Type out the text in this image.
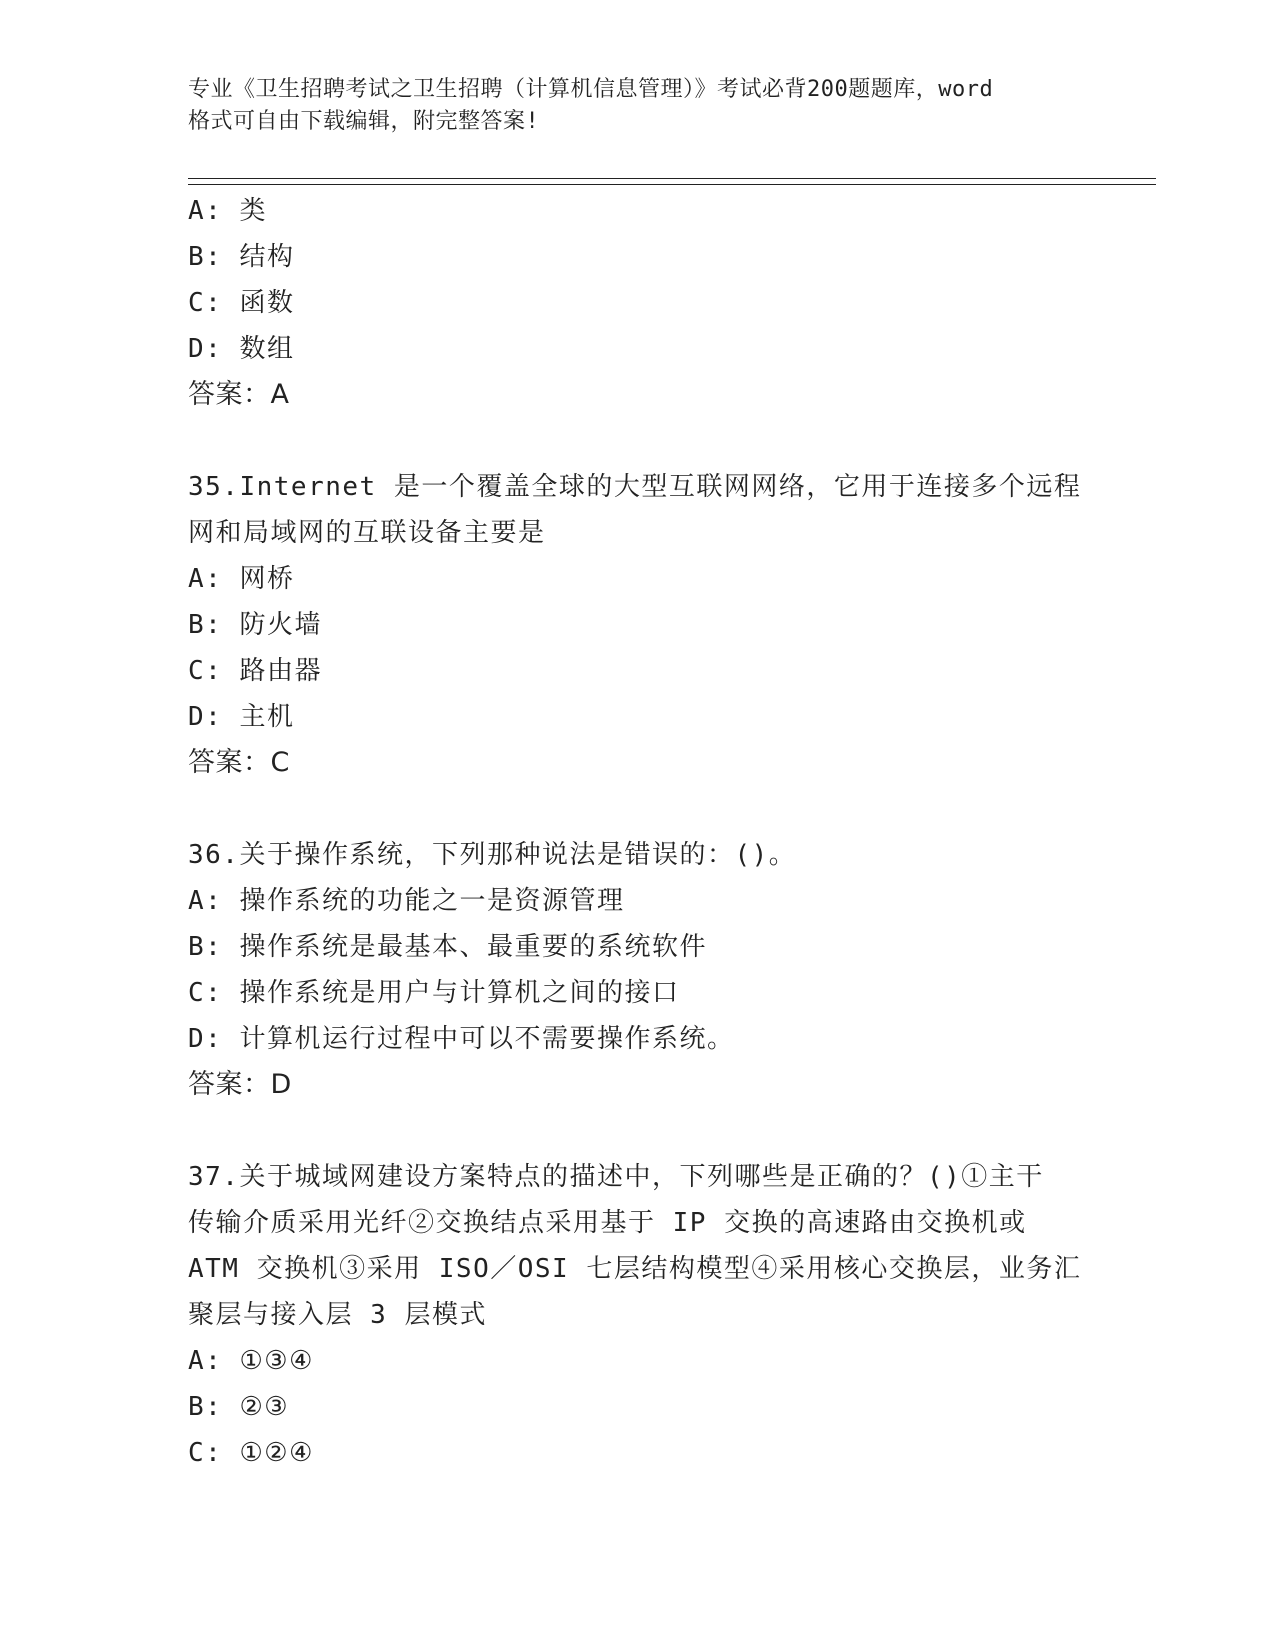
专业《卫生招聘考试之卫生招聘（计算机信息管理）》考试必背200题题库，word
格式可自由下载编辑，附完整答案!
A: 类
B: 结构
C: 函数
D: 数组
答案：A
35.Internet 是一个覆盖全球的大型互联网网络，它用于连接多个远程
网和局域网的互联设备主要是
A: 网桥
B: 防火墙
C: 路由器
D: 主机
答案：C
36.关于操作系统，下列那种说法是错误的：()。
A: 操作系统的功能之一是资源管理
B: 操作系统是最基本、最重要的系统软件
C: 操作系统是用户与计算机之间的接口
D: 计算机运行过程中可以不需要操作系统。
答案：D
37.关于城域网建设方案特点的描述中，下列哪些是正确的？()①主干
传输介质采用光纤②交换结点采用基于 IP 交换的高速路由交换机或
ATM 交换机③采用 ISO／OSI 七层结构模型④采用核心交换层，业务汇
聚层与接入层 3 层模式
A: ①③④
B: ②③
C: ①②④
